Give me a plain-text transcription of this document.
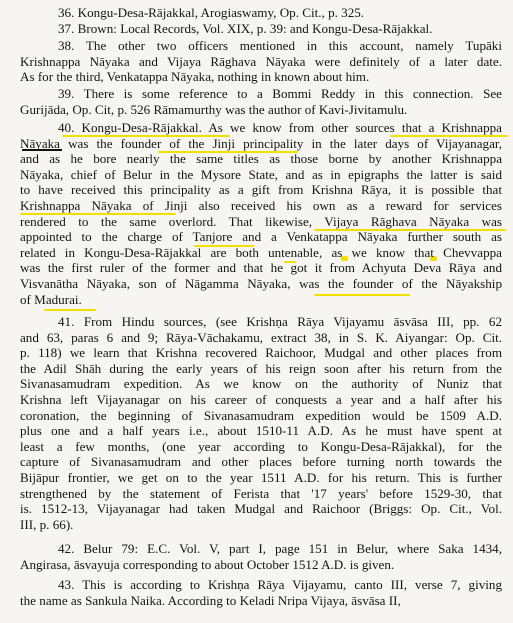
36. Kongu-Desa-Rājakkal, Arogiaswamy, Op. Cit., p. 325.
37. Brown: Local Records, Vol. XIX, p. 39: and Kongu-Desa-Rājakkal.
38. The other two officers mentioned in this account, namely Tupāki
Krishnappa Nāyaka and Vijaya Rāghava Nāyaka were definitely of a later date.
As for the third, Venkatappa Nāyaka, nothing in known about him.
39. There is some reference to a Bommi Reddy in this connection. See
Gurijāda, Op. Cit, p. 526 Rāmamurthy was the author of Kavi-Jivitamulu.
40. Kongu-Desa-Rājakkal. As we know from other sources that a Krishnappa
Nāyaka was the founder of the Jinji principality in the later days of Vijayanagar,
and as he bore nearly the same titles as those borne by another Krishnappa
Nāyaka, chief of Belur in the Mysore State, and as in epigraphs the latter is said
to have received this principality as a gift from Krishna Rāya, it is possible that
Krishnappa Nāyaka of Jinji also received his own as a reward for services
rendered to the same overlord. That likewise, Vijaya Rāghava Nāyaka was
appointed to the charge of Tanjore and a Venkatappa Nāyaka further south as
related in Kongu-Desa-Rājakkal are both untenable, as we know that Chevvappa
was the first ruler of the former and that he got it from Achyuta Deva Rāya and
Visvanātha Nāyaka, son of Nāgamma Nāyaka, was the founder of the Nāyakship
of Madurai.
41. From Hindu sources, (see Krishṇa Rāya Vijayamu āsvāsa III, pp. 62
and 63, paras 6 and 9; Rāya-Vāchakamu, extract 38, in S. K. Aiyangar: Op. Cit.
p. 118) we learn that Krishna recovered Raichoor, Mudgal and other places from
the Adil Shāh during the early years of his reign soon after his return from the
Sivanasamudram expedition. As we know on the authority of Nuniz that
Krishna left Vijayanagar on his career of conquests a year and a half after his
coronation, the beginning of Sivanasamudram expedition would be 1509 A.D.
plus one and a half years i.e., about 1510-11 A.D. As he must have spent at
least a few months, (one year according to Kongu-Desa-Rājakkal), for the
capture of Sivanasamudram and other places before turning north towards the
Bijāpur frontier, we get on to the year 1511 A.D. for his return. This is further
strengthened by the statement of Ferista that '17 years' before 1529-30, that
is. 1512-13, Vijayanagar had taken Mudgal and Raichoor (Briggs: Op. Cit., Vol.
III, p. 66).
42. Belur 79: E.C. Vol. V, part I, page 151 in Belur, where Saka 1434,
Angirasa, āsvayuja corresponding to about October 1512 A.D. is given.
43. This is according to Krishṇa Rāya Vijayamu, canto III, verse 7, giving
the name as Sankula Naika. According to Keladi Nripa Vijaya, āsvāsa II,
